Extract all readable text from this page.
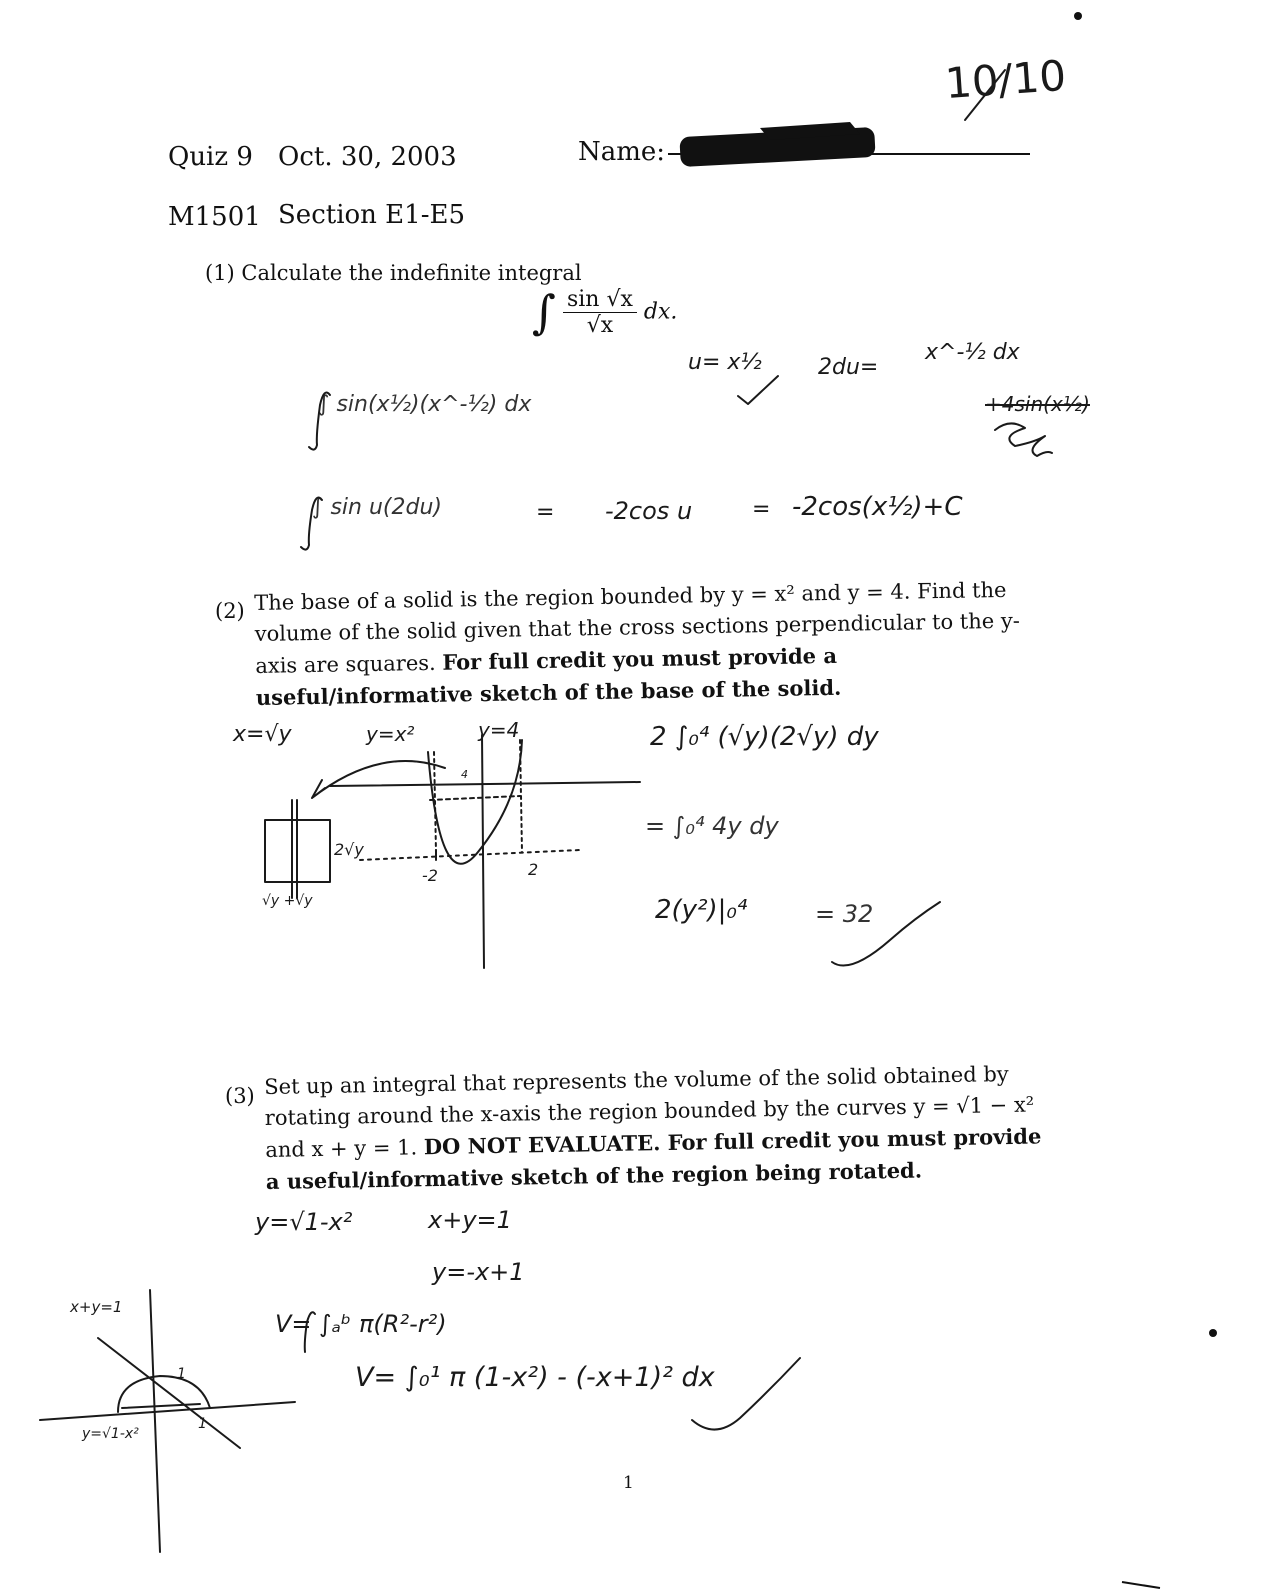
10/10
Quiz 9 Oct. 30, 2003	Name:
M1501 Section E1-E5
(1) Calculate the indefinite integral
∫ $\frac{\sin √x}{√x}$ dx.
u= x½	2du=
x^-½ dx
∫ sin(x½)(x^-½) dx	+4sin(x½)
∫ sin u(2du)	= -2cos u	= -2cos(x½)+C
(2) The base of a solid is the region bounded by y = x² and y = 4. Find the volume of the solid given that the cross sections perpendicular to the y-axis are squares. For full credit you must provide a useful/informative sketch of the base of the solid.
x=√y	y=x²	y=4
2√y
√y +√y
-2	2
4
2 ∫₀⁴ (√y)(2√y) dy
= ∫₀⁴ 4y dy
2(y²)|₀⁴	= 32
(3) Set up an integral that represents the volume of the solid obtained by rotating around the x-axis the region bounded by the curves y = √1 − x² and x + y = 1. DO NOT EVALUATE. For full credit you must provide a useful/informative sketch of the region being rotated.
y=√1-x²	x+y=1
y=-x+1
V= ∫ₐᵇ π(R²-r²)
V= ∫₀¹ π (1-x²) - (-x+1)² dx
x+y=1
y=√1-x²
1
1
1
